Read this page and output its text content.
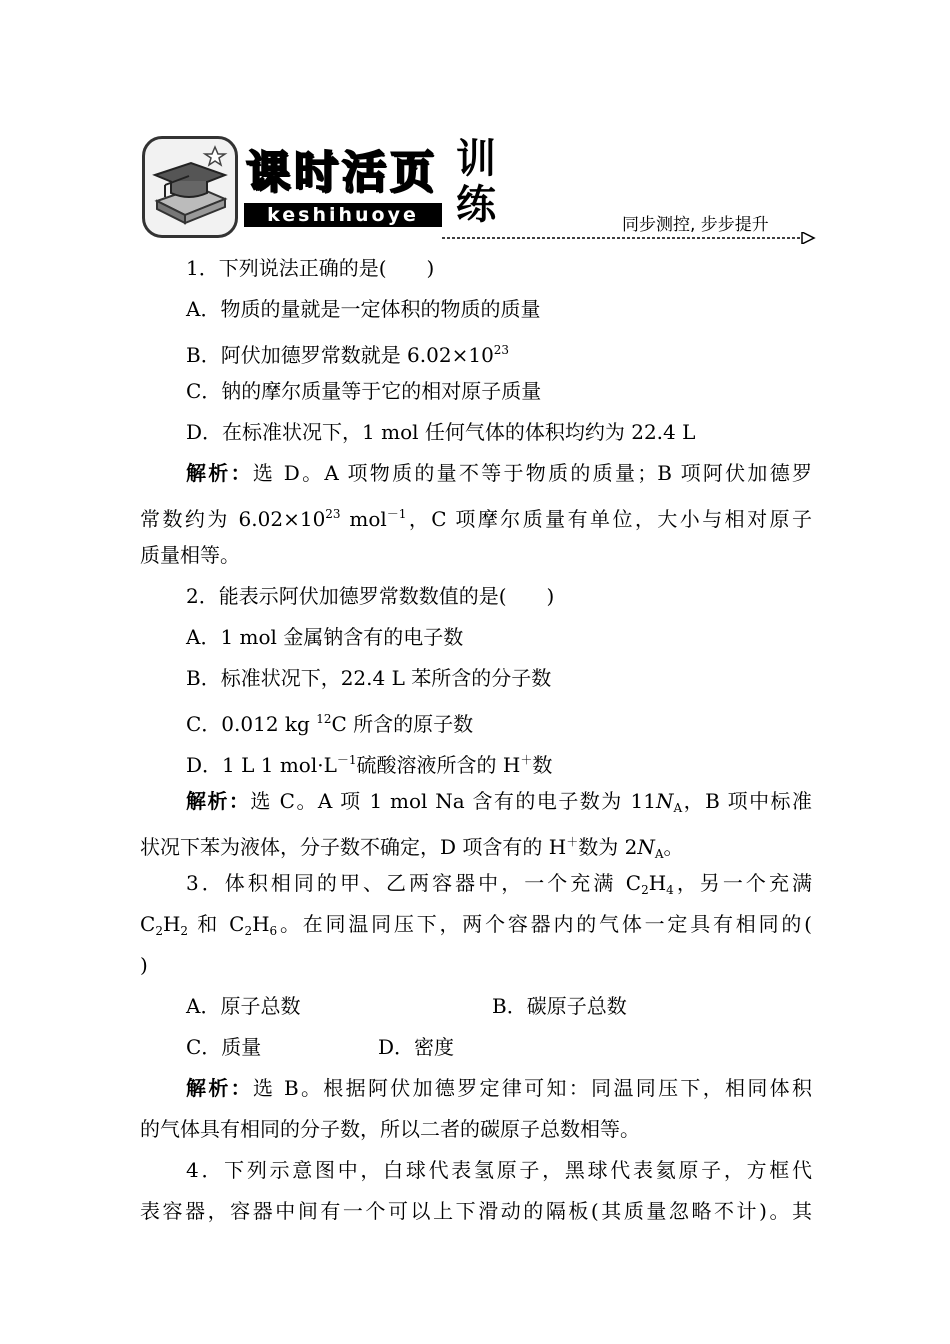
课时活页
keshihuoye
训
练	同步测控, 步步提升
1．下列说法正确的是(　　)
A．物质的量就是一定体积的物质的质量
B．阿伏加德罗常数就是 $6.02\times 10^{23}$
C．钠的摩尔质量等于它的相对原子质量
D．在标准状况下，1 mol 任何气体的体积均约为 22.4 L
解析：选 D。A 项物质的量不等于物质的质量；B 项阿伏加德罗
常数约为 $6.02\times 10^{23}$ mol$^{-1}$，C 项摩尔质量有单位，大小与相对原子
质量相等。
2．能表示阿伏加德罗常数数值的是(　　)
A．1 mol 金属钠含有的电子数
B．标准状况下，22.4 L 苯所含的分子数
C．0.012 kg $^{12}$C 所含的原子数
D．1 L 1 $mol\cdot L^{-1}$硫酸溶液所含的 H＋数
解析：选 C。A 项 1 mol Na 含有的电子数为 $11N_A$，B 项中标准
状况下苯为液体，分子数不确定，D 项含有的 H＋数为 $2N_A$。
3．体积相同的甲、乙两容器中，一个充满 $C_2H_4$，另一个充满
$C_2H_2$ 和 $C_2H_6$。在同温同压下，两个容器内的气体一定具有相同的(
)
A．原子总数	B．碳原子总数
C．质量	D．密度
解析：选 B。根据阿伏加德罗定律可知：同温同压下，相同体积
的气体具有相同的分子数，所以二者的碳原子总数相等。
4．下列示意图中，白球代表氢原子，黑球代表氦原子，方框代
表容器，容器中间有一个可以上下滑动的隔板(其质量忽略不计)。其
